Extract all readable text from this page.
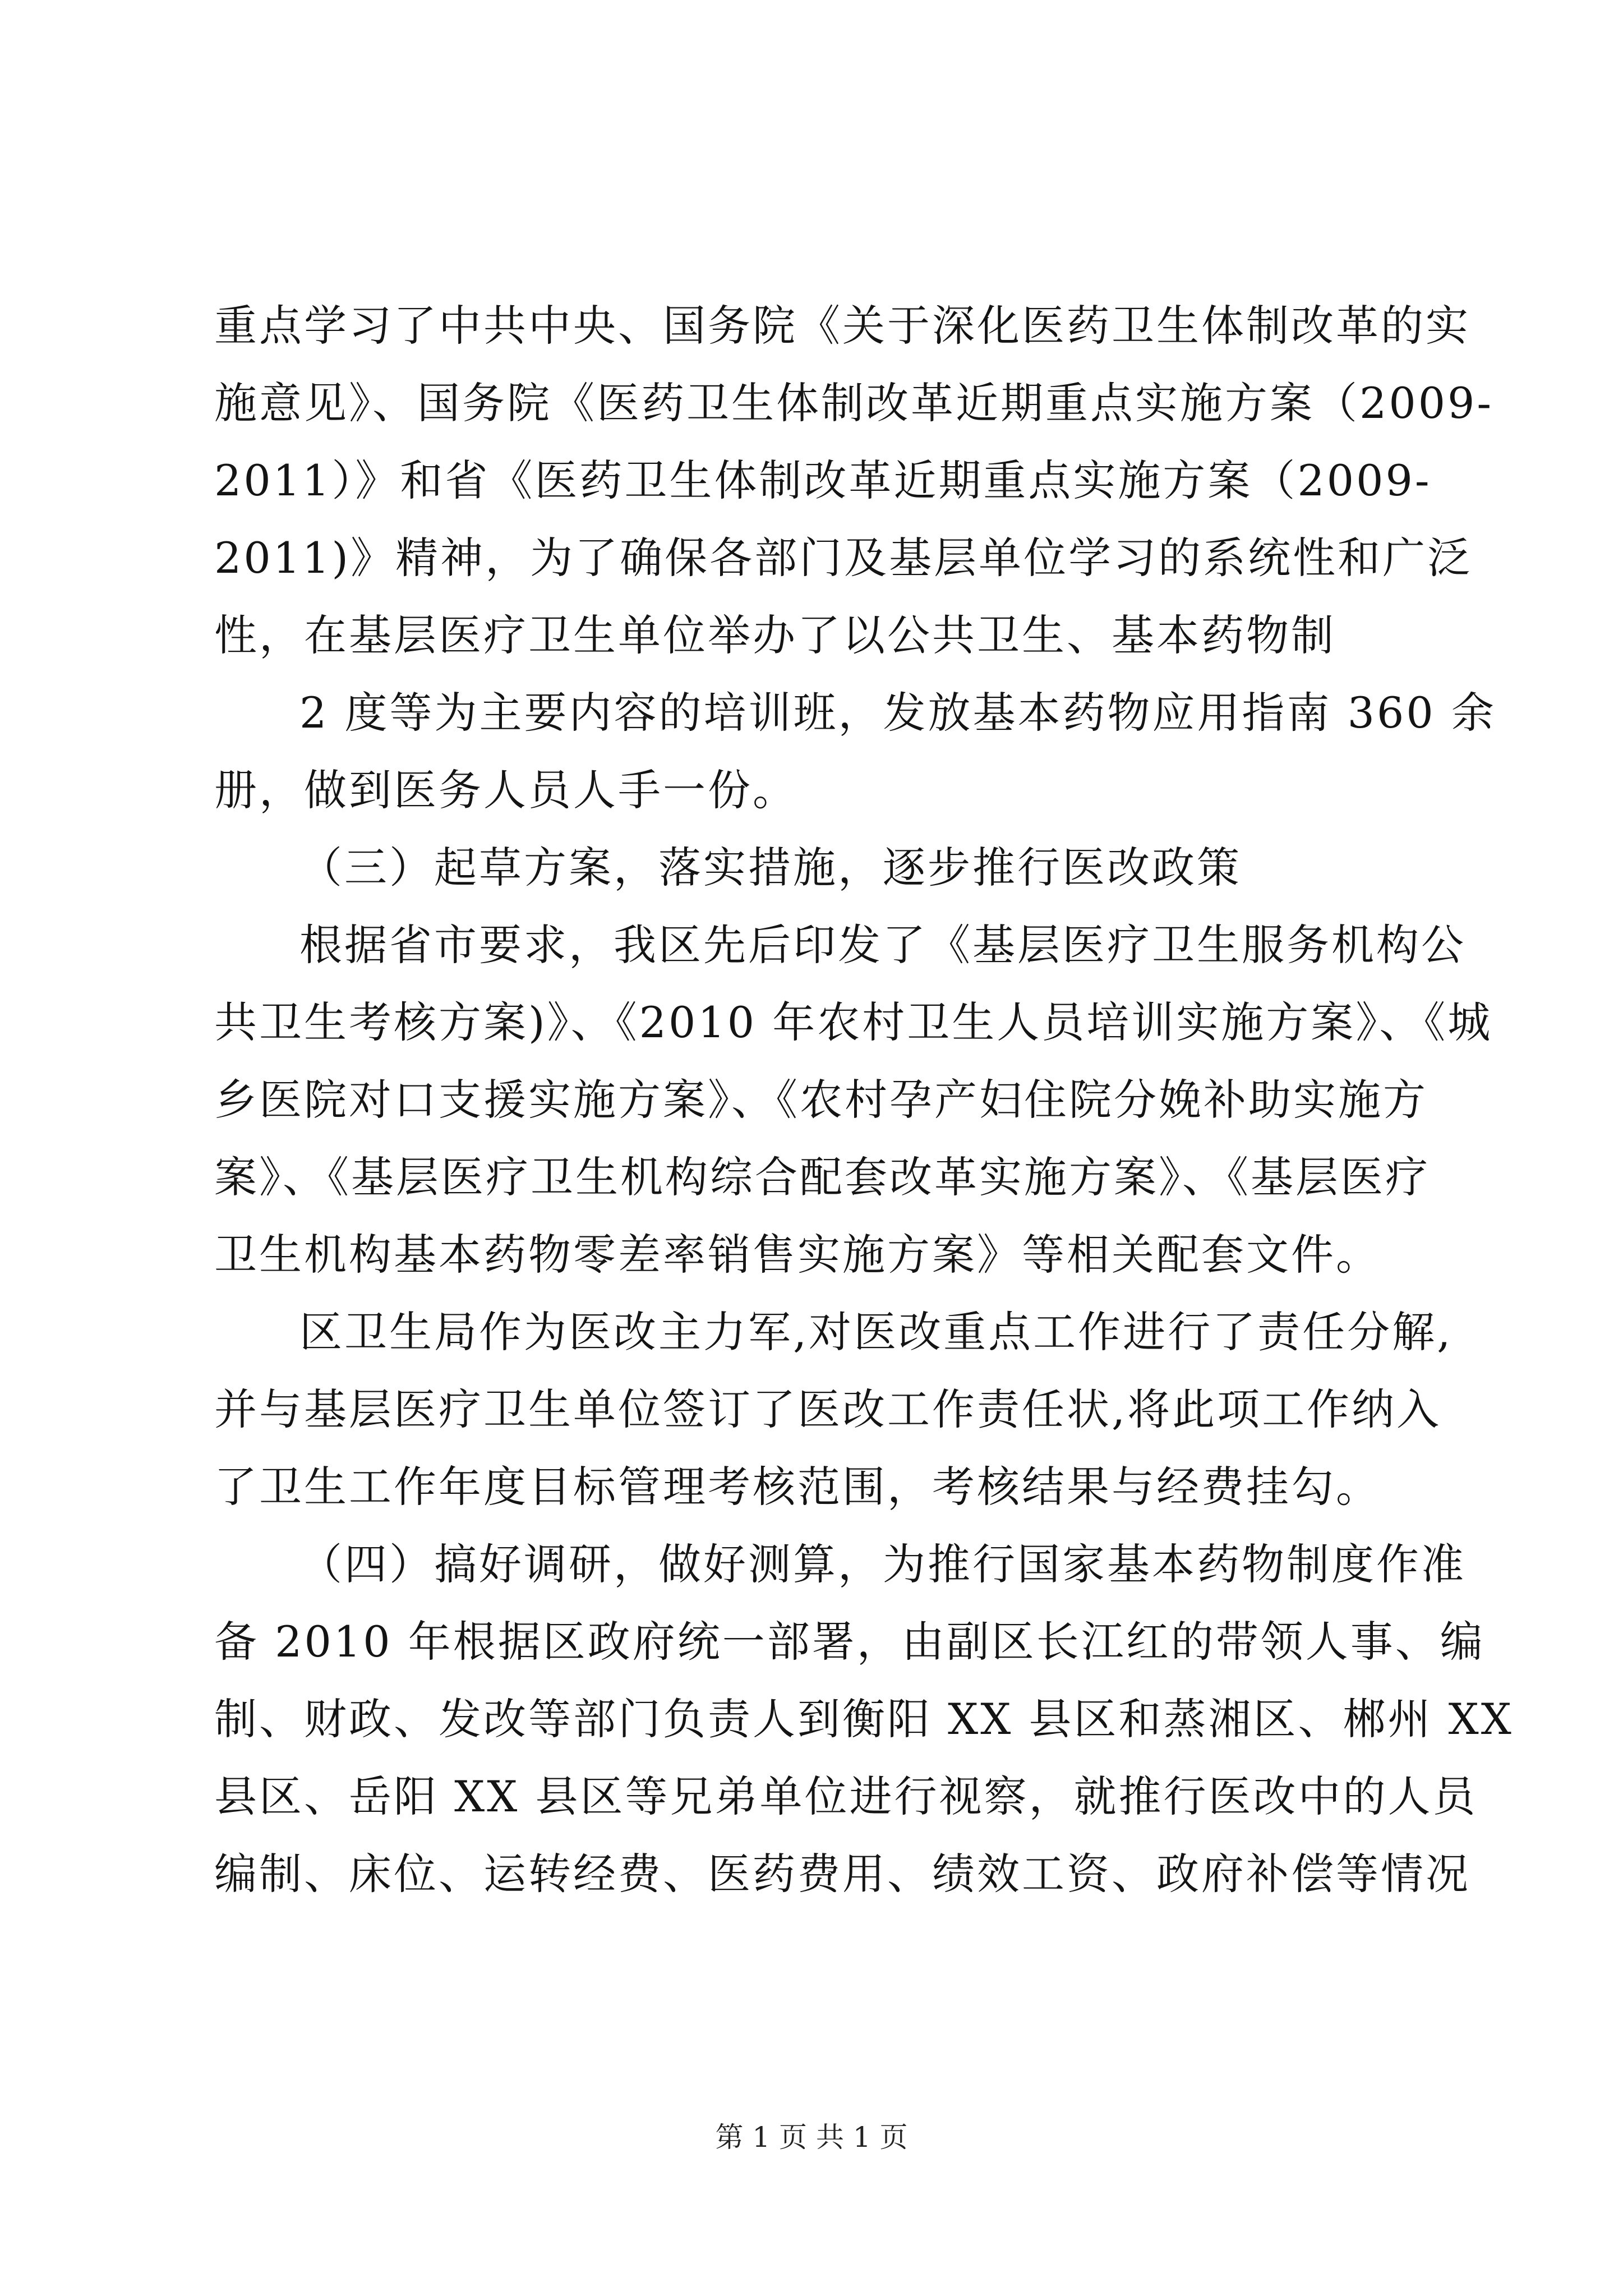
重点学习了中共中央、国务院《关于深化医药卫生体制改革的实
施意见》、国务院《医药卫生体制改革近期重点实施方案（2009-
2011）》和省《医药卫生体制改革近期重点实施方案（2009-
2011)》精神，为了确保各部门及基层单位学习的系统性和广泛
性，在基层医疗卫生单位举办了以公共卫生、基本药物制
2 度等为主要内容的培训班，发放基本药物应用指南 360 余
册，做到医务人员人手一份。
（三）起草方案，落实措施，逐步推行医改政策
根据省市要求，我区先后印发了《基层医疗卫生服务机构公
共卫生考核方案)》、《2010 年农村卫生人员培训实施方案》、《城
乡医院对口支援实施方案》、《农村孕产妇住院分娩补助实施方
案》、《基层医疗卫生机构综合配套改革实施方案》、《基层医疗
卫生机构基本药物零差率销售实施方案》等相关配套文件。
区卫生局作为医改主力军,对医改重点工作进行了责任分解,
并与基层医疗卫生单位签订了医改工作责任状,将此项工作纳入
了卫生工作年度目标管理考核范围，考核结果与经费挂勾。
（四）搞好调研，做好测算，为推行国家基本药物制度作准
备 2010 年根据区政府统一部署，由副区长江红的带领人事、编
制、财政、发改等部门负责人到衡阳 XX 县区和蒸湘区、郴州 XX
县区、岳阳 XX 县区等兄弟单位进行视察，就推行医改中的人员
编制、床位、运转经费、医药费用、绩效工资、政府补偿等情况
第 1 页 共 1 页
